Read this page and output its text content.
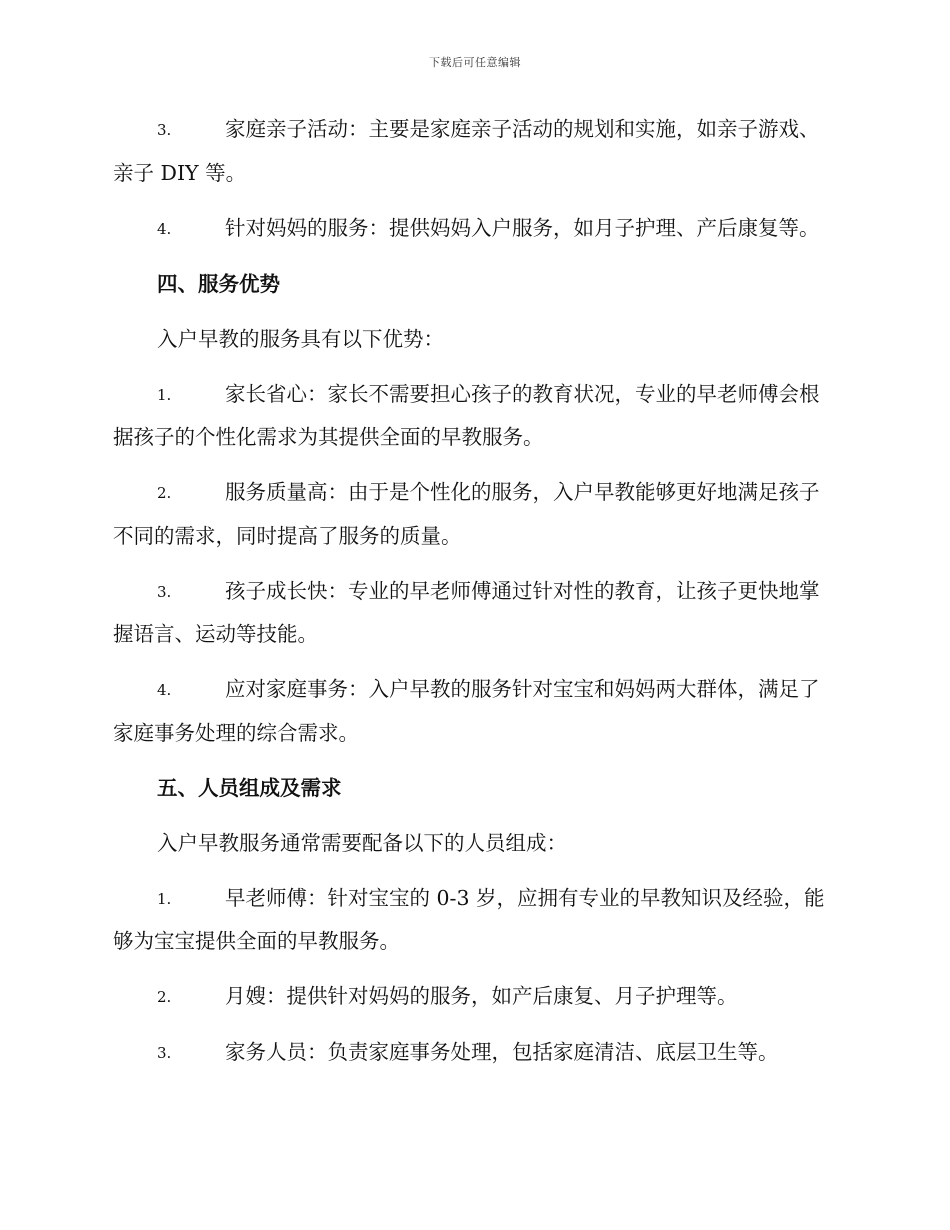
下载后可任意编辑

3.	家庭亲子活动：主要是家庭亲子活动的规划和实施，如亲子游戏、亲子 DIY 等。

4.	针对妈妈的服务：提供妈妈入户服务，如月子护理、产后康复等。

四、服务优势

入户早教的服务具有以下优势：

1.	家长省心：家长不需要担心孩子的教育状况，专业的早老师傅会根据孩子的个性化需求为其提供全面的早教服务。

2.	服务质量高：由于是个性化的服务，入户早教能够更好地满足孩子不同的需求，同时提高了服务的质量。

3.	孩子成长快：专业的早老师傅通过针对性的教育，让孩子更快地掌握语言、运动等技能。

4.	应对家庭事务：入户早教的服务针对宝宝和妈妈两大群体，满足了家庭事务处理的综合需求。

五、人员组成及需求

入户早教服务通常需要配备以下的人员组成：

1.	早老师傅：针对宝宝的 0-3 岁，应拥有专业的早教知识及经验，能够为宝宝提供全面的早教服务。

2.	月嫂：提供针对妈妈的服务，如产后康复、月子护理等。

3.	家务人员：负责家庭事务处理，包括家庭清洁、底层卫生等。
